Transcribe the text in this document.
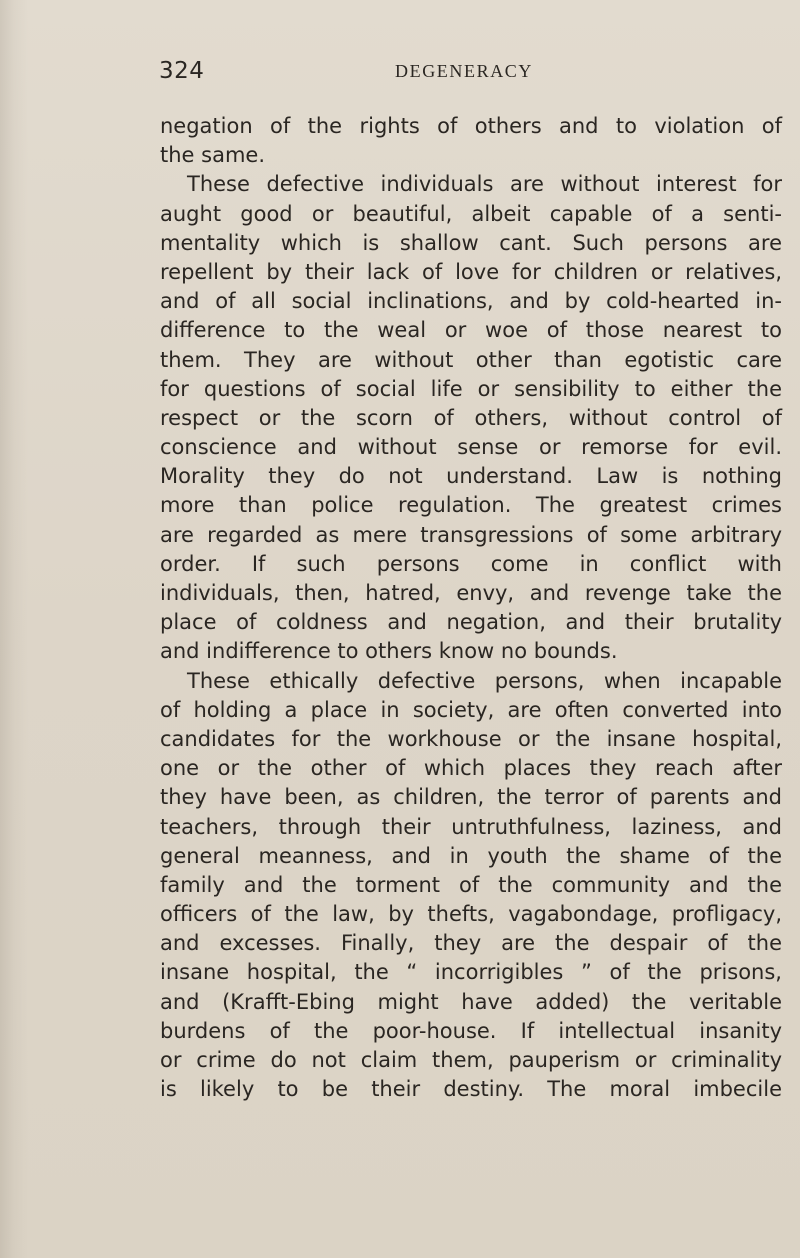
324	DEGENERACY
negation of the rights of others and to violation of
the same.
These defective individuals are without interest for
aught good or beautiful, albeit capable of a senti-
mentality which is shallow cant. Such persons are
repellent by their lack of love for children or relatives,
and of all social inclinations, and by cold-hearted in-
difference to the weal or woe of those nearest to
them. They are without other than egotistic care
for questions of social life or sensibility to either the
respect or the scorn of others, without control of
conscience and without sense or remorse for evil.
Morality they do not understand. Law is nothing
more than police regulation. The greatest crimes
are regarded as mere transgressions of some arbitrary
order. If such persons come in conflict with
individuals, then, hatred, envy, and revenge take the
place of coldness and negation, and their brutality
and indifference to others know no bounds.
These ethically defective persons, when incapable
of holding a place in society, are often converted into
candidates for the workhouse or the insane hospital,
one or the other of which places they reach after
they have been, as children, the terror of parents and
teachers, through their untruthfulness, laziness, and
general meanness, and in youth the shame of the
family and the torment of the community and the
officers of the law, by thefts, vagabondage, profligacy,
and excesses. Finally, they are the despair of the
insane hospital, the “ incorrigibles ” of the prisons,
and (Krafft-Ebing might have added) the veritable
burdens of the poor-house. If intellectual insanity
or crime do not claim them, pauperism or criminality
is likely to be their destiny. The moral imbecile
